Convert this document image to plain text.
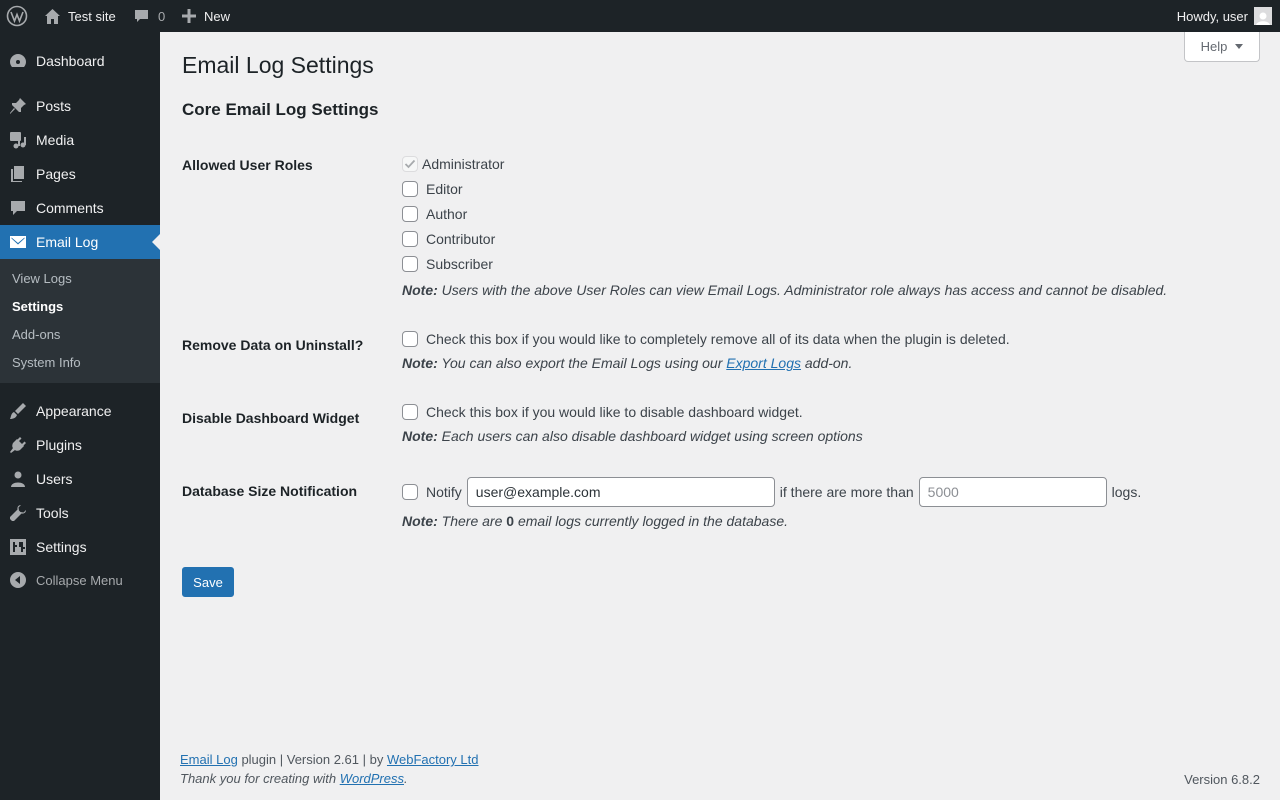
Test site	0	New	Howdy, user
Dashboard
Posts
Media
Pages
Comments
Email Log
View Logs
Settings
Add-ons
System Info
Appearance
Plugins
Users
Tools
Settings
Collapse Menu
Help
Email Log Settings
Core Email Log Settings
Allowed User Roles	Administrator
Editor
Author
Contributor
Subscriber
Note: Users with the above User Roles can view Email Logs. Administrator role always has access and cannot be disabled.
Remove Data on Uninstall?	Check this box if you would like to completely remove all of its data when the plugin is deleted.
Note: You can also export the Email Logs using our Export Logs add-on.
Disable Dashboard Widget	Check this box if you would like to disable dashboard widget.
Note: Each users can also disable dashboard widget using screen options
Database Size Notification	Notify	user@example.com	if there are more than	5000	logs.
Note: There are 0 email logs currently logged in the database.
Save
Email Log plugin | Version 2.61 | by WebFactory Ltd
Thank you for creating with WordPress.	Version 6.8.2
